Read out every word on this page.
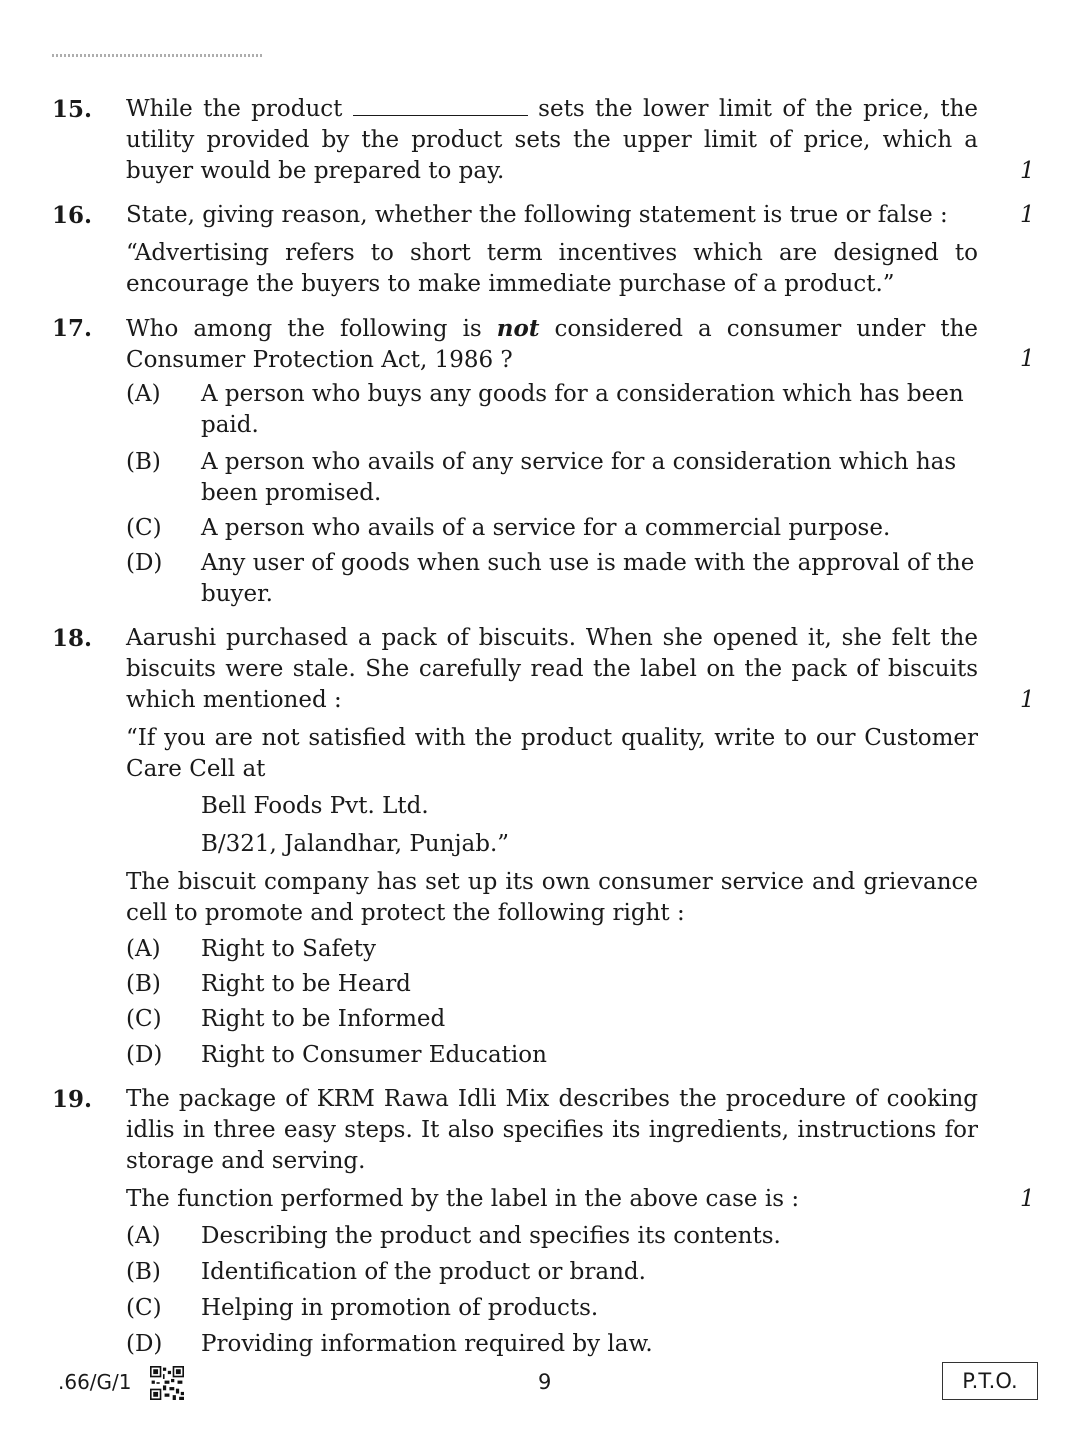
15. While the product	sets the lower limit of the price, the utility provided by the product sets the upper limit of price, which a buyer would be prepared to pay.	1
16. State, giving reason, whether the following statement is true or false :	1
“Advertising refers to short term incentives which are designed to encourage the buyers to make immediate purchase of a product.”
17. Who among the following is not considered a consumer under the Consumer Protection Act, 1986 ?	1
(A) A person who buys any goods for a consideration which has been paid.
(B) A person who avails of any service for a consideration which has been promised.
(C) A person who avails of a service for a commercial purpose.
(D) Any user of goods when such use is made with the approval of the buyer.
18. Aarushi purchased a pack of biscuits. When she opened it, she felt the biscuits were stale. She carefully read the label on the pack of biscuits which mentioned :	1
“If you are not satisfied with the product quality, write to our Customer Care Cell at
Bell Foods Pvt. Ltd.
B/321, Jalandhar, Punjab.”
The biscuit company has set up its own consumer service and grievance cell to promote and protect the following right :
(A) Right to Safety
(B) Right to be Heard
(C) Right to be Informed
(D) Right to Consumer Education
19. The package of KRM Rawa Idli Mix describes the procedure of cooking idlis in three easy steps. It also specifies its ingredients, instructions for storage and serving.
The function performed by the label in the above case is :	1
(A) Describing the product and specifies its contents.
(B) Identification of the product or brand.
(C) Helping in promotion of products.
(D) Providing information required by law.
.66/G/1	9	P.T.O.
